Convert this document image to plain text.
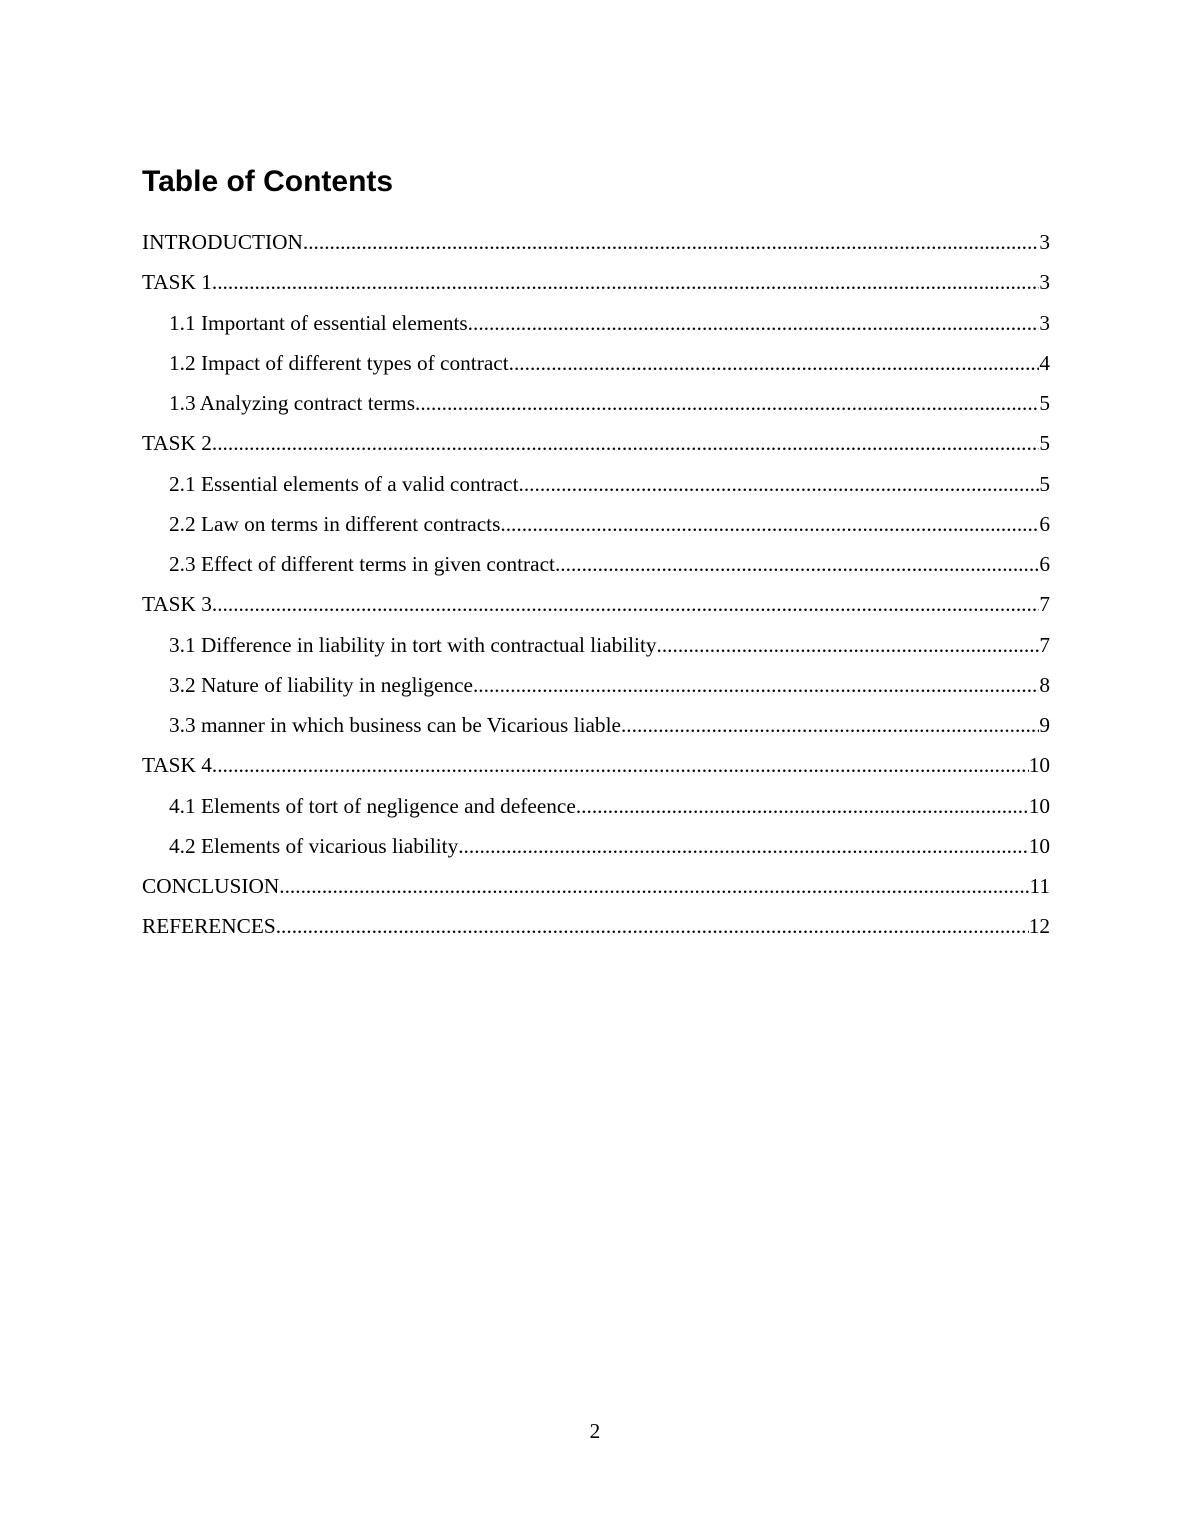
Table of Contents
INTRODUCTION .....	3
TASK 1 .....	3
1.1 Important of essential elements .....	3
1.2 Impact of different types of contract .....	4
1.3 Analyzing contract terms .....	5
TASK 2 .....	5
2.1 Essential elements of a valid contract .....	5
2.2 Law on terms in different contracts .....	6
2.3 Effect of different terms in given contract .....	6
TASK 3 .....	7
3.1 Difference in liability in tort with contractual liability .....	7
3.2 Nature of liability in negligence .....	8
3.3 manner in which business can be Vicarious liable .....	9
TASK 4 .....	10
4.1 Elements of tort of negligence and defeence .....	10
4.2 Elements of vicarious liability .....	10
CONCLUSION .....	11
REFERENCES .....	12
2
